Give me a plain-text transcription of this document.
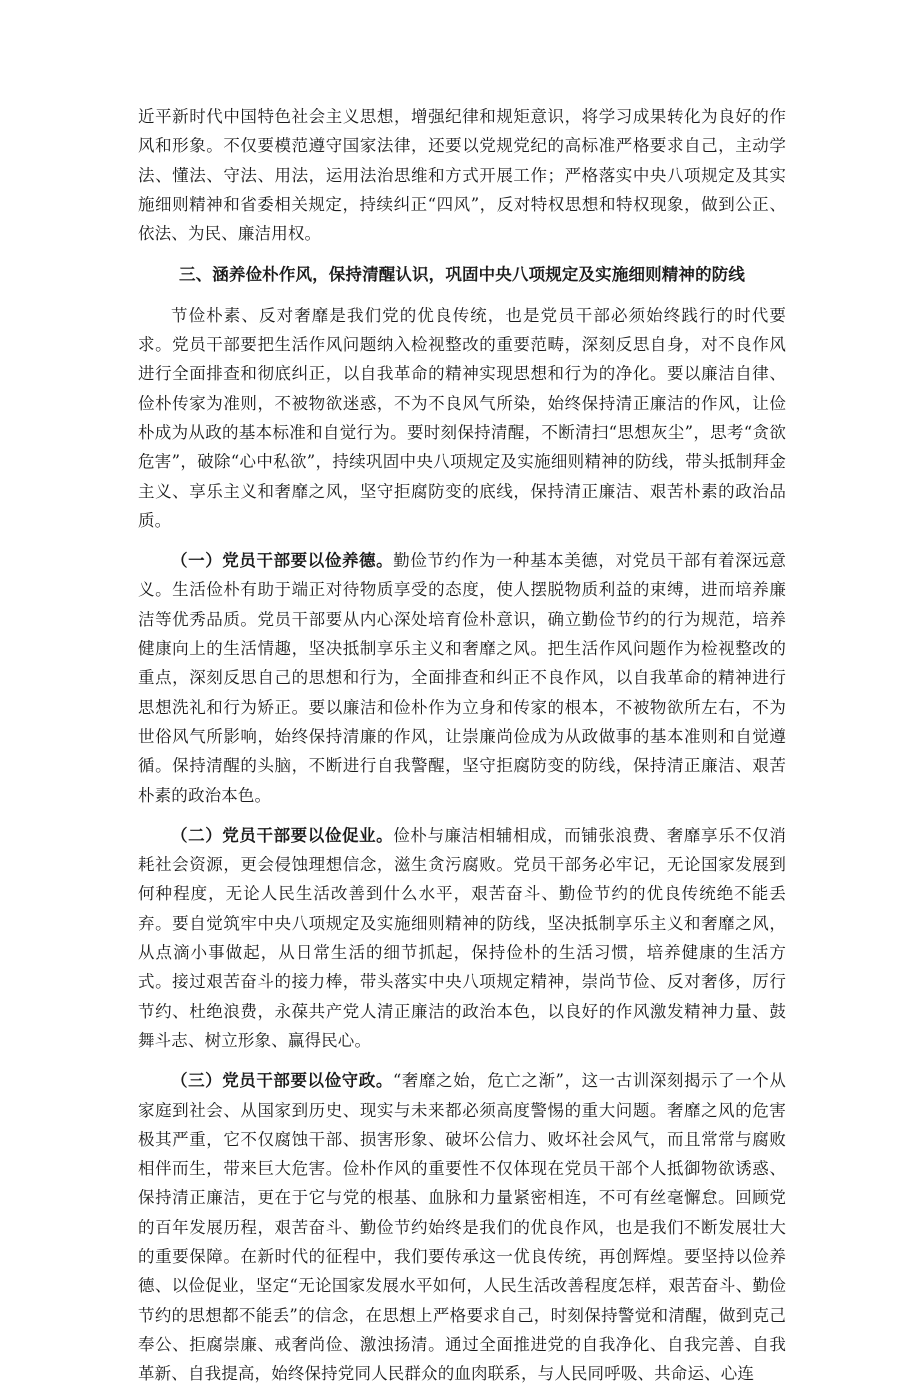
近平新时代中国特色社会主义思想，增强纪律和规矩意识，将学习成果转化为良好的作风和形象。不仅要模范遵守国家法律，还要以党规党纪的高标准严格要求自己，主动学法、懂法、守法、用法，运用法治思维和方式开展工作；严格落实中央八项规定及其实施细则精神和省委相关规定，持续纠正“四风”，反对特权思想和特权现象，做到公正、依法、为民、廉洁用权。

三、涵养俭朴作风，保持清醒认识，巩固中央八项规定及实施细则精神的防线

节俭朴素、反对奢靡是我们党的优良传统，也是党员干部必须始终践行的时代要求。党员干部要把生活作风问题纳入检视整改的重要范畴，深刻反思自身，对不良作风进行全面排查和彻底纠正，以自我革命的精神实现思想和行为的净化。要以廉洁自律、俭朴传家为准则，不被物欲迷惑，不为不良风气所染，始终保持清正廉洁的作风，让俭朴成为从政的基本标准和自觉行为。要时刻保持清醒，不断清扫“思想灰尘”，思考“贪欲危害”，破除“心中私欲”，持续巩固中央八项规定及实施细则精神的防线，带头抵制拜金主义、享乐主义和奢靡之风，坚守拒腐防变的底线，保持清正廉洁、艰苦朴素的政治品质。

（一）党员干部要以俭养德。勤俭节约作为一种基本美德，对党员干部有着深远意义。生活俭朴有助于端正对待物质享受的态度，使人摆脱物质利益的束缚，进而培养廉洁等优秀品质。党员干部要从内心深处培育俭朴意识，确立勤俭节约的行为规范，培养健康向上的生活情趣，坚决抵制享乐主义和奢靡之风。把生活作风问题作为检视整改的重点，深刻反思自己的思想和行为，全面排查和纠正不良作风，以自我革命的精神进行思想洗礼和行为矫正。要以廉洁和俭朴作为立身和传家的根本，不被物欲所左右，不为世俗风气所影响，始终保持清廉的作风，让崇廉尚俭成为从政做事的基本准则和自觉遵循。保持清醒的头脑，不断进行自我警醒，坚守拒腐防变的防线，保持清正廉洁、艰苦朴素的政治本色。

（二）党员干部要以俭促业。俭朴与廉洁相辅相成，而铺张浪费、奢靡享乐不仅消耗社会资源，更会侵蚀理想信念，滋生贪污腐败。党员干部务必牢记，无论国家发展到何种程度，无论人民生活改善到什么水平，艰苦奋斗、勤俭节约的优良传统绝不能丢弃。要自觉筑牢中央八项规定及实施细则精神的防线，坚决抵制享乐主义和奢靡之风，从点滴小事做起，从日常生活的细节抓起，保持俭朴的生活习惯，培养健康的生活方式。接过艰苦奋斗的接力棒，带头落实中央八项规定精神，崇尚节俭、反对奢侈，厉行节约、杜绝浪费，永葆共产党人清正廉洁的政治本色，以良好的作风激发精神力量、鼓舞斗志、树立形象、赢得民心。

（三）党员干部要以俭守政。“奢靡之始，危亡之渐”，这一古训深刻揭示了一个从家庭到社会、从国家到历史、现实与未来都必须高度警惕的重大问题。奢靡之风的危害极其严重，它不仅腐蚀干部、损害形象、破坏公信力、败坏社会风气，而且常常与腐败相伴而生，带来巨大危害。俭朴作风的重要性不仅体现在党员干部个人抵御物欲诱惑、保持清正廉洁，更在于它与党的根基、血脉和力量紧密相连，不可有丝毫懈怠。回顾党的百年发展历程，艰苦奋斗、勤俭节约始终是我们的优良作风，也是我们不断发展壮大的重要保障。在新时代的征程中，我们要传承这一优良传统，再创辉煌。要坚持以俭养德、以俭促业，坚定“无论国家发展水平如何，人民生活改善程度怎样，艰苦奋斗、勤俭节约的思想都不能丢”的信念，在思想上严格要求自己，时刻保持警觉和清醒，做到克己奉公、拒腐崇廉、戒奢尚俭、激浊扬清。通过全面推进党的自我净化、自我完善、自我革新、自我提高，始终保持党同人民群众的血肉联系，与人民同呼吸、共命运、心连
